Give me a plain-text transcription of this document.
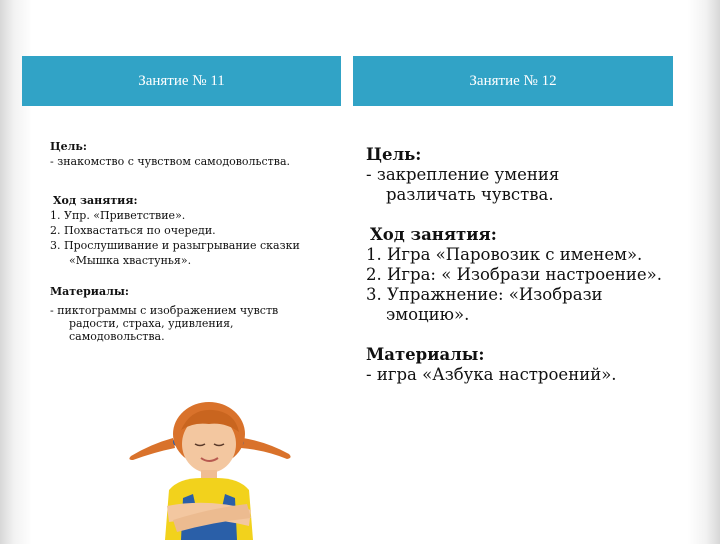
Занятие № 11	Занятие № 12

Цель:

- знакомство с чувством самодовольства.

Ход занятия:

1. Упр. «Приветствие».

2. Похвастаться по очереди.

3. Прослушивание и разыгрывание сказки

«Мышка хвастунья».

Материалы:

- пиктограммы с изображением чувств

радости, страха, удивления,

самодовольства.

Цель:

- закрепление умения

различать чувства.

Ход занятия:

1. Игра «Паровозик с именем».

2. Игра: « Изобрази настроение».

3. Упражнение: «Изобрази

эмоцию».

Материалы:

- игра «Азбука настроений».
